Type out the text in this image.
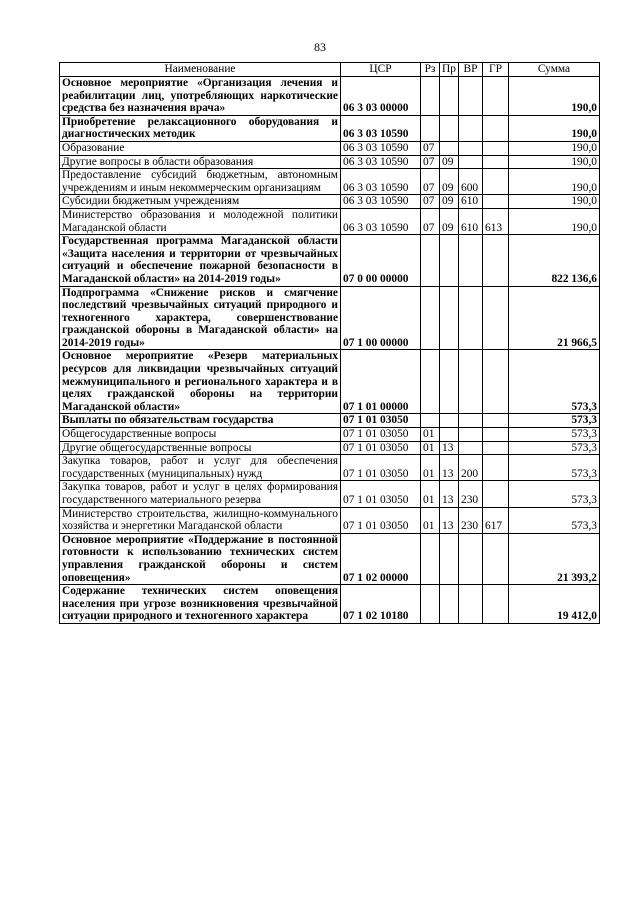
83
Наименование	ЦСР	Рз	Пр	ВР	ГР	Сумма
Основное мероприятие «Организация лечения и реабилитации лиц, употребляющих наркотические средства без назначения врача»	06 3 03 00000					190,0
Приобретение релаксационного оборудования и диагностических методик	06 3 03 10590					190,0
Образование	06 3 03 10590	07				190,0
Другие вопросы в области образования	06 3 03 10590	07	09			190,0
Предоставление субсидий бюджетным, автономным учреждениям и иным некоммерческим организациям	06 3 03 10590	07	09	600		190,0
Субсидии бюджетным учреждениям	06 3 03 10590	07	09	610		190,0
Министерство образования и молодежной политики Магаданской области	06 3 03 10590	07	09	610	613	190,0
Государственная программа Магаданской области «Защита населения и территории от чрезвычайных ситуаций и обеспечение пожарной безопасности в Магаданской области» на 2014-2019 годы»	07 0 00 00000					822 136,6
Подпрограмма «Снижение рисков и смягчение последствий чрезвычайных ситуаций природного и техногенного характера, совершенствование гражданской обороны в Магаданской области» на 2014-2019 годы»	07 1 00 00000					21 966,5
Основное мероприятие «Резерв материальных ресурсов для ликвидации чрезвычайных ситуаций межмуниципального и регионального характера и в целях гражданской обороны на территории Магаданской области»	07 1 01 00000					573,3
Выплаты по обязательствам государства	07 1 01 03050					573,3
Общегосударственные вопросы	07 1 01 03050	01				573,3
Другие общегосударственные вопросы	07 1 01 03050	01	13			573,3
Закупка товаров, работ и услуг для обеспечения государственных (муниципальных) нужд	07 1 01 03050	01	13	200		573,3
Закупка товаров, работ и услуг в целях формирования государственного материального резерва	07 1 01 03050	01	13	230		573,3
Министерство строительства, жилищно-коммунального хозяйства и энергетики Магаданской области	07 1 01 03050	01	13	230	617	573,3
Основное мероприятие «Поддержание в постоянной готовности к использованию технических систем управления гражданской обороны и систем оповещения»	07 1 02 00000					21 393,2
Содержание технических систем оповещения населения при угрозе возникновения чрезвычайной ситуации природного и техногенного характера	07 1 02 10180					19 412,0
